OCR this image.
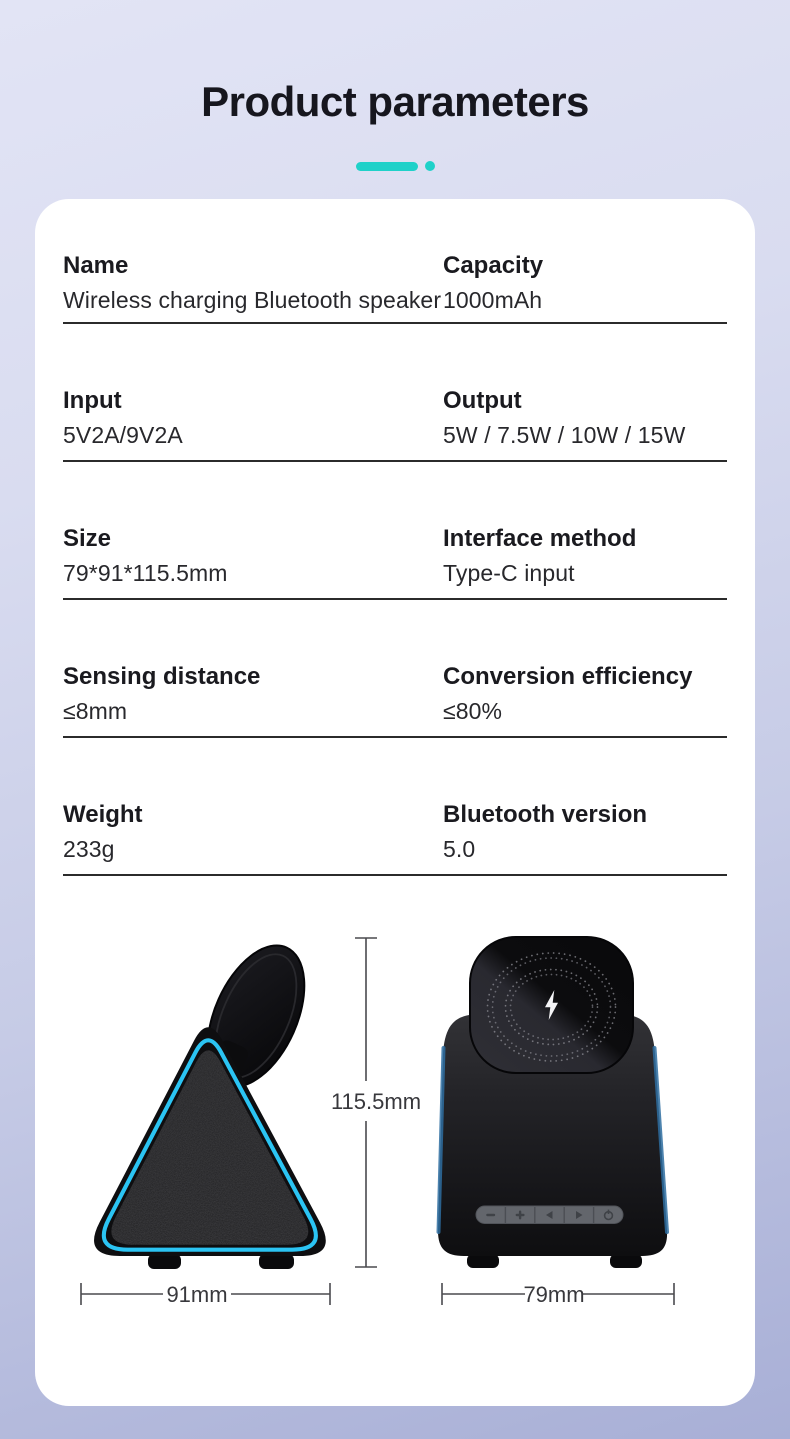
Product parameters
Name
Wireless charging Bluetooth speaker
Capacity
1000mAh
Input
5V2A/9V2A
Output
5W / 7.5W / 10W / 15W
Size
79*91*115.5mm
Interface method
Type-C input
Sensing distance
≤8mm
Conversion efficiency
≤80%
Weight
233g
Bluetooth version
5.0
115.5mm
91mm	79mm
